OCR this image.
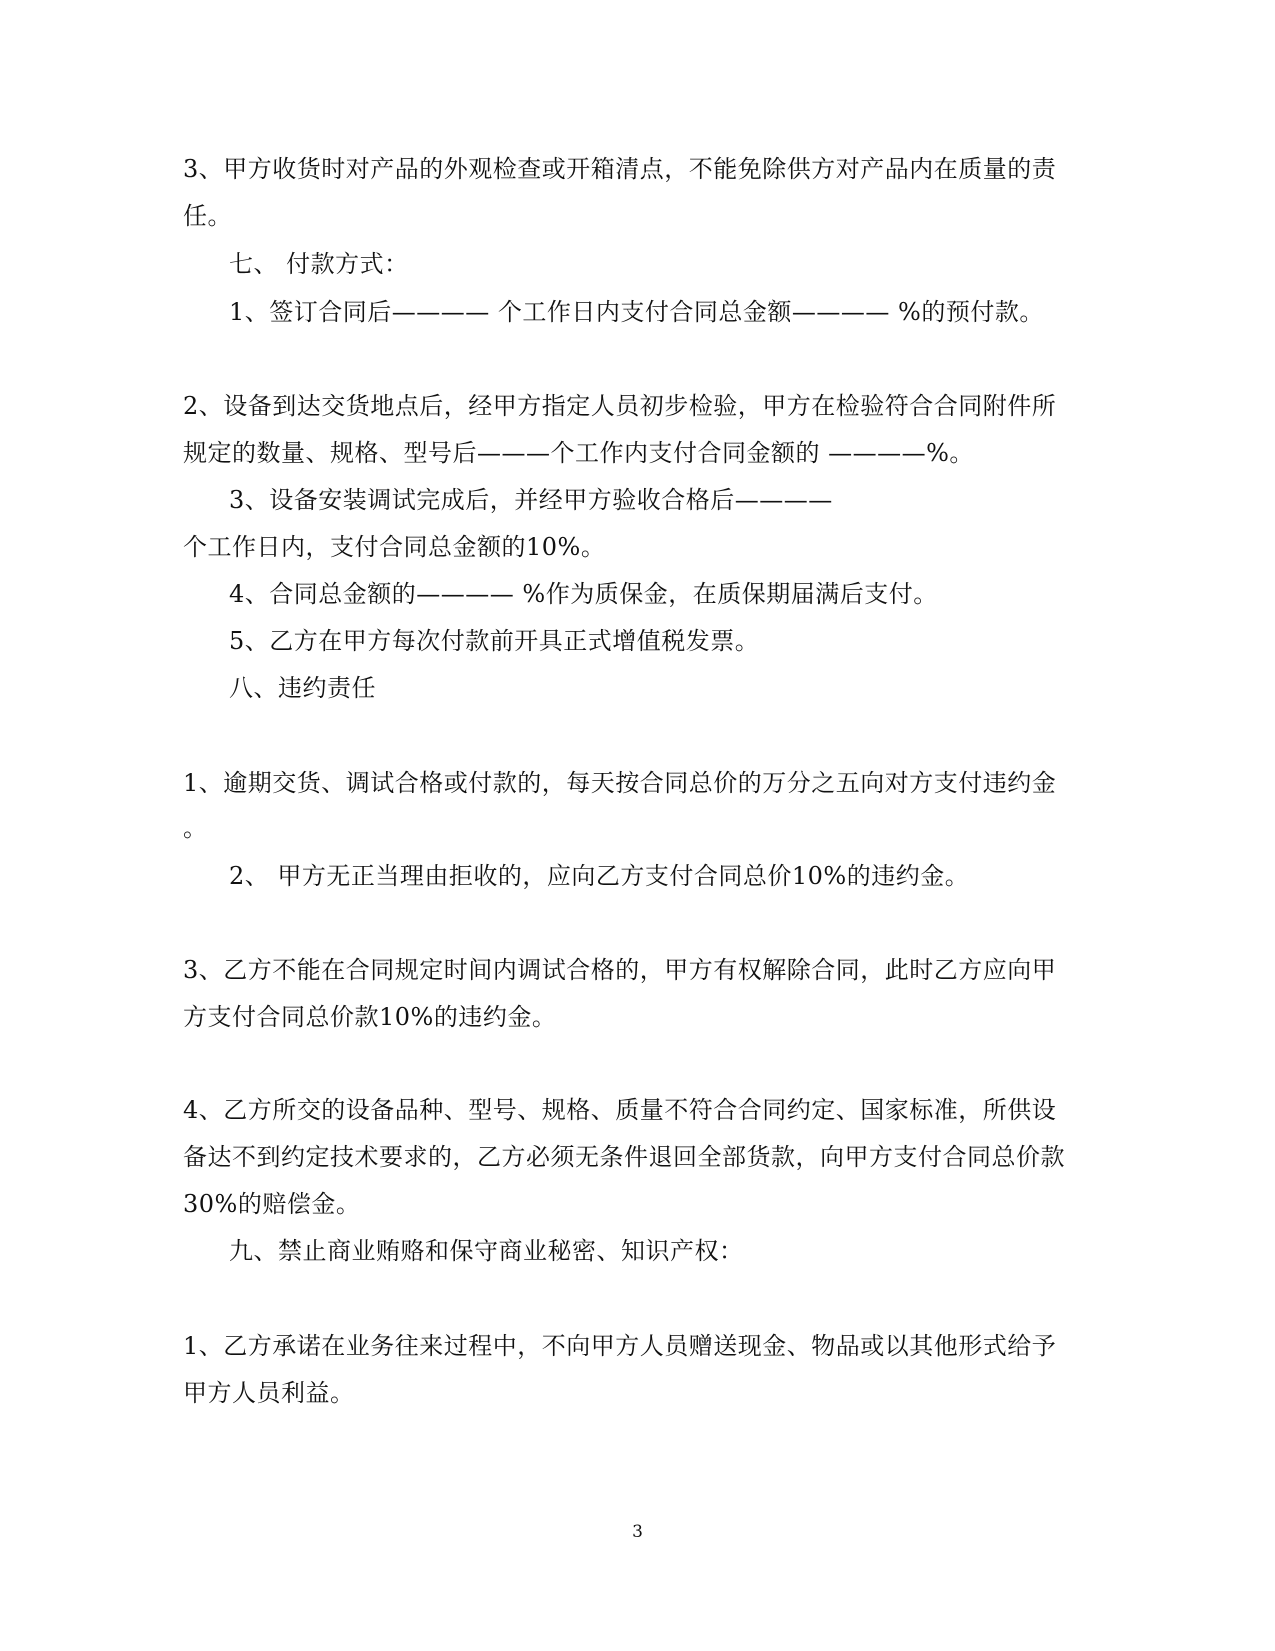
3、甲方收货时对产品的外观检查或开箱清点，不能免除供方对产品内在质量的责
任。
七、 付款方式：
1、签订合同后———— 个工作日内支付合同总金额———— %的预付款。
2、设备到达交货地点后，经甲方指定人员初步检验，甲方在检验符合合同附件所
规定的数量、规格、型号后———个工作内支付合同金额的 ————%。
3、设备安装调试完成后，并经甲方验收合格后————
个工作日内，支付合同总金额的10%。
4、合同总金额的———— %作为质保金，在质保期届满后支付。
5、乙方在甲方每次付款前开具正式增值税发票。
八、违约责任
1、逾期交货、调试合格或付款的，每天按合同总价的万分之五向对方支付违约金
。
2、 甲方无正当理由拒收的，应向乙方支付合同总价10%的违约金。
3、乙方不能在合同规定时间内调试合格的，甲方有权解除合同，此时乙方应向甲
方支付合同总价款10%的违约金。
4、乙方所交的设备品种、型号、规格、质量不符合合同约定、国家标准，所供设
备达不到约定技术要求的，乙方必须无条件退回全部货款，向甲方支付合同总价款
30%的赔偿金。
九、禁止商业贿赂和保守商业秘密、知识产权：
1、乙方承诺在业务往来过程中，不向甲方人员赠送现金、物品或以其他形式给予
甲方人员利益。
3
